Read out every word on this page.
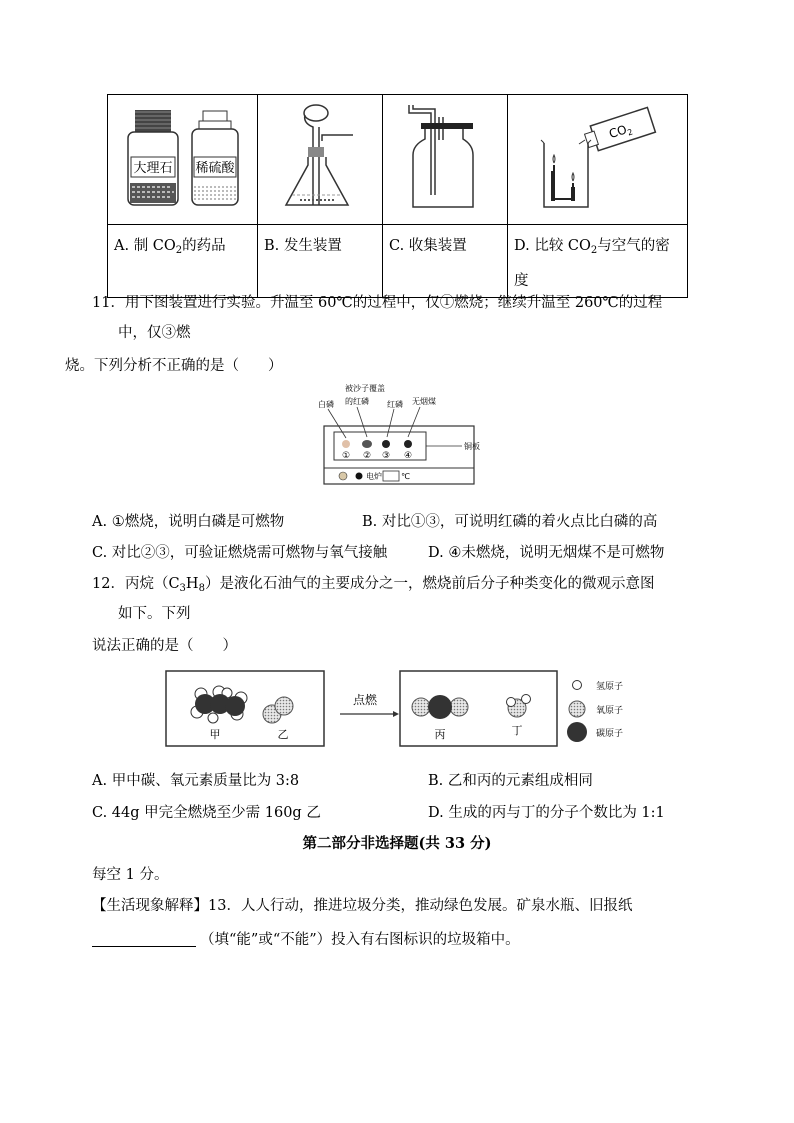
大理石 稀硫酸			$CO_2$

A. 制 $CO_2$的药品	B. 发生装置	C. 收集装置	D. 比较 $CO_2$与空气的密度
11．用下图装置进行实验。升温至 60℃的过程中，仅①燃烧；继续升温至 260℃的过程
中，仅③燃
烧。下列分析不正确的是（　　）
被沙子覆盖
的红磷
白磷	红磷 无烟煤
① ② ③ ④
铜板
电炉 ℃
A. ①燃烧，说明白磷是可燃物	B. 对比①③，可说明红磷的着火点比白磷的高
C. 对比②③，可验证燃烧需可燃物与氧气接触	D. ④未燃烧，说明无烟煤不是可燃物
12．丙烷$(C_3H_8)$是液化石油气的主要成分之一，燃烧前后分子种类变化的微观示意图
如下。下列
说法正确的是（　　）
甲	乙
点燃
丙	丁
氢原子
氧原子
碳原子
A. 甲中碳、氧元素质量比为 3:8	B. 乙和丙的元素组成相同
C. 44g 甲完全燃烧至少需 160g 乙	D. 生成的丙与丁的分子个数比为 1:1
第二部分非选择题(共 33 分)
每空 1 分。
【生活现象解释】13．人人行动，推进垃圾分类，推动绿色发展。矿泉水瓶、旧报纸
（填“能”或“不能”）投入有右图标识的垃圾箱中。
